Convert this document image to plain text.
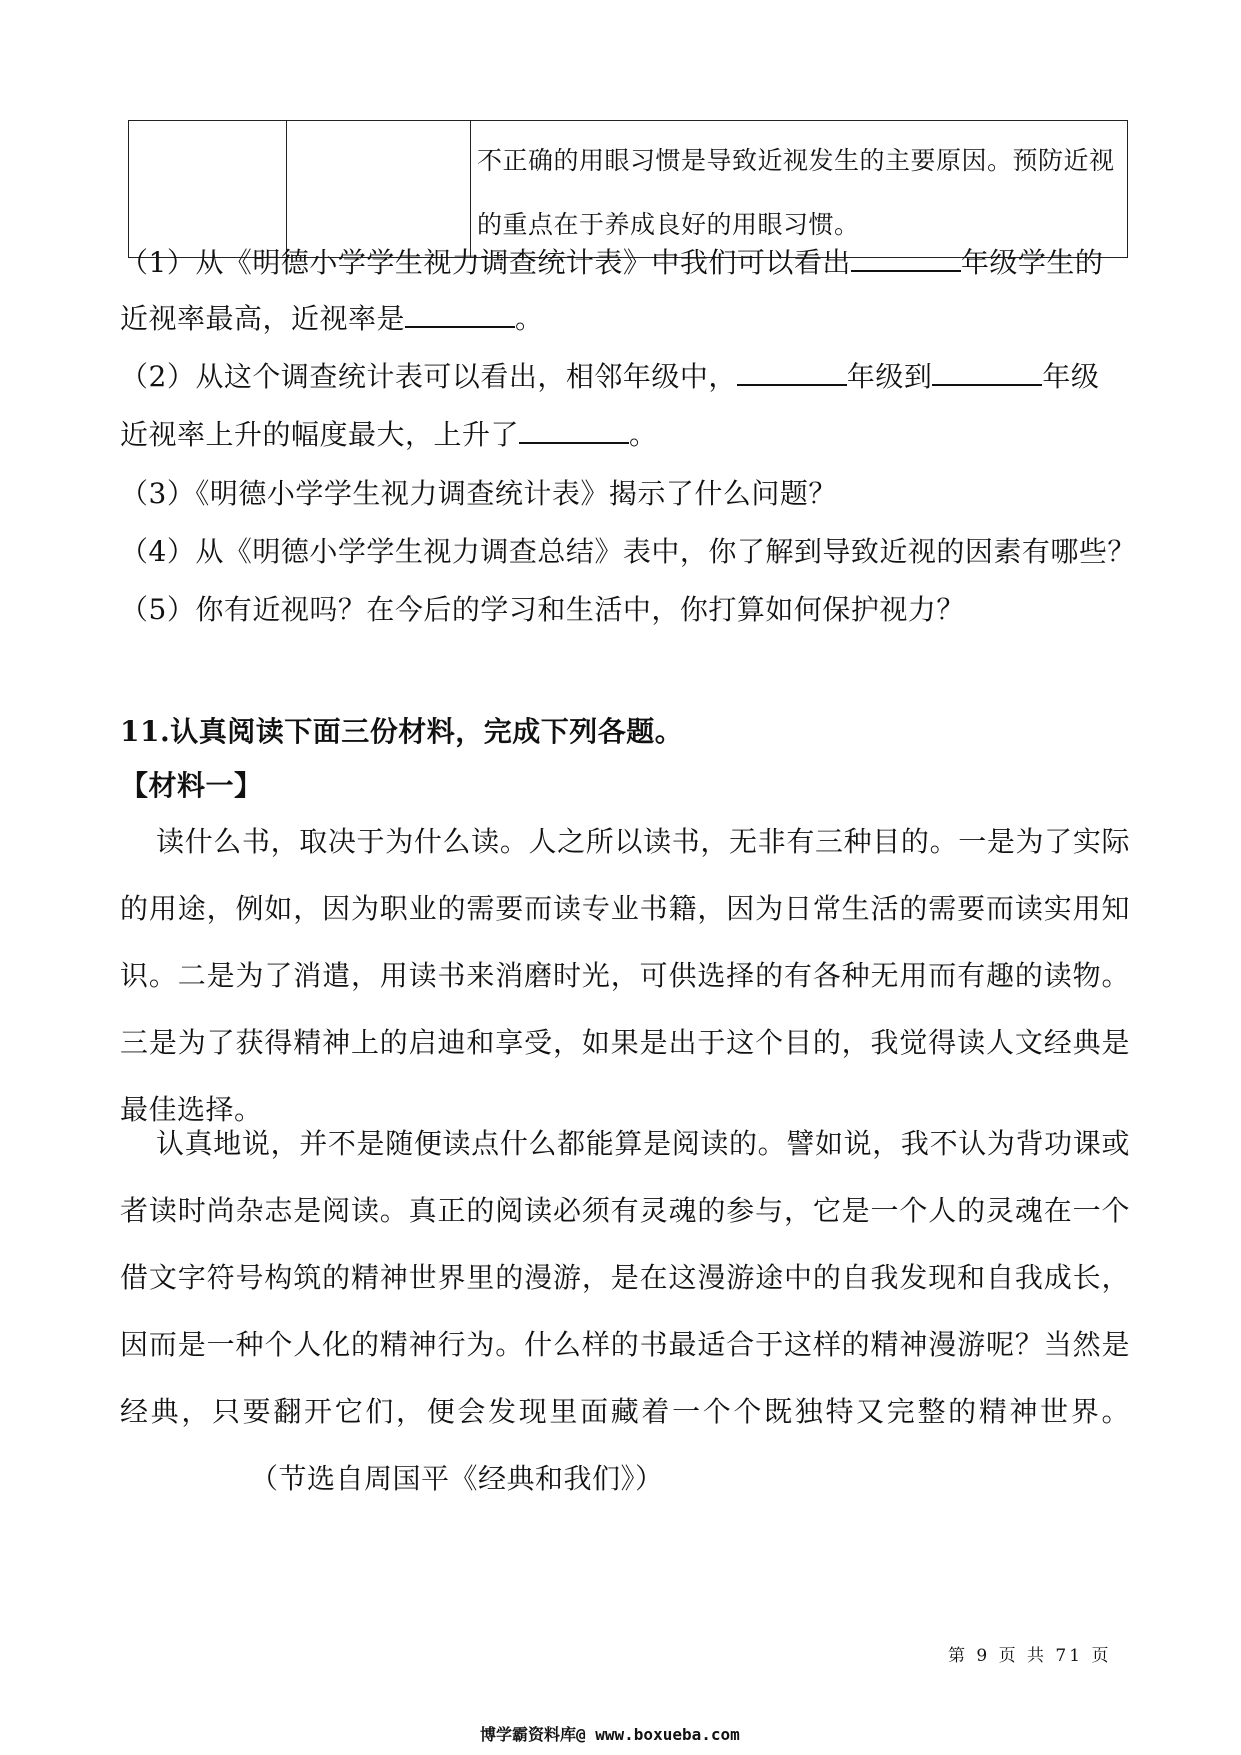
不正确的用眼习惯是导致近视发生的主要原因。预防近视的重点在于养成良好的用眼习惯。
（1）从《明德小学学生视力调查统计表》中我们可以看出	年级学生的
近视率最高，近视率是	。
（2）从这个调查统计表可以看出，相邻年级中，	年级到	年级
近视率上升的幅度最大，上升了	。
（3）《明德小学学生视力调查统计表》揭示了什么问题？
（4）从《明德小学学生视力调查总结》表中，你了解到导致近视的因素有哪些？
（5）你有近视吗？在今后的学习和生活中，你打算如何保护视力？
11.认真阅读下面三份材料，完成下列各题。
【材料一】
读什么书，取决于为什么读。人之所以读书，无非有三种目的。一是为了实际的用途，例如，因为职业的需要而读专业书籍，因为日常生活的需要而读实用知识。二是为了消遣，用读书来消磨时光，可供选择的有各种无用而有趣的读物。三是为了获得精神上的启迪和享受，如果是出于这个目的，我觉得读人文经典是最佳选择。
认真地说，并不是随便读点什么都能算是阅读的。譬如说，我不认为背功课或者读时尚杂志是阅读。真正的阅读必须有灵魂的参与，它是一个人的灵魂在一个借文字符号构筑的精神世界里的漫游，是在这漫游途中的自我发现和自我成长，因而是一种个人化的精神行为。什么样的书最适合于这样的精神漫游呢？当然是经典，只要翻开它们，便会发现里面藏着一个个既独特又完整的精神世界。（节选自周国平《经典和我们》）
第 9 页 共 71 页
博学霸资料库@ www.boxueba.com
